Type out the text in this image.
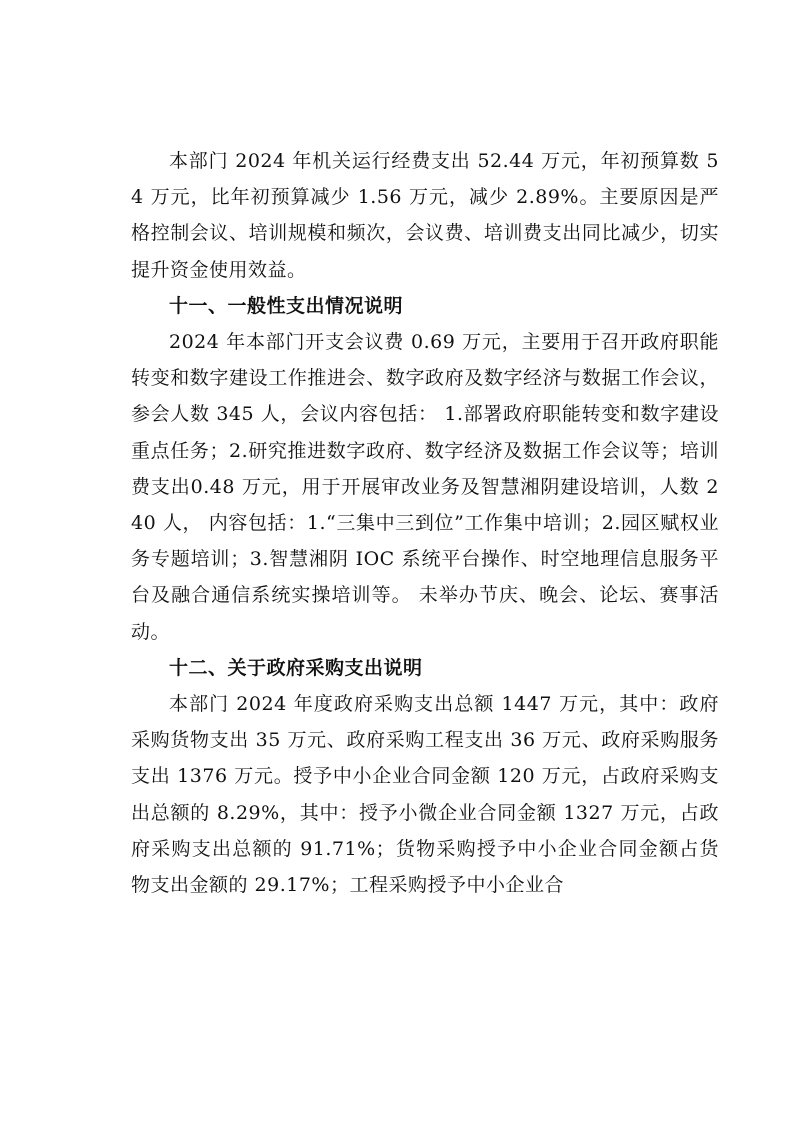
本部门 2024 年机关运行经费支出 52.44 万元，年初预算数 54 万元，比年初预算减少 1.56 万元，减少 2.89%。主要原因是严格控制会议、培训规模和频次，会议费、培训费支出同比减少，切实提升资金使用效益。

十一、一般性支出情况说明

2024 年本部门开支会议费 0.69 万元，主要用于召开政府职能转变和数字建设工作推进会、数字政府及数字经济与数据工作会议， 参会人数 345 人，会议内容包括： 1.部署政府职能转变和数字建设重点任务；2.研究推进数字政府、数字经济及数据工作会议等；培训费支出0.48 万元，用于开展审改业务及智慧湘阴建设培训，人数 240 人， 内容包括：1.“三集中三到位”工作集中培训；2.园区赋权业务专题培训；3.智慧湘阴 IOC 系统平台操作、时空地理信息服务平台及融合通信系统实操培训等。 未举办节庆、晚会、论坛、赛事活动。

十二、关于政府采购支出说明

本部门 2024 年度政府采购支出总额 1447 万元，其中：政府采购货物支出 35 万元、政府采购工程支出 36 万元、政府采购服务支出 1376 万元。授予中小企业合同金额 120 万元，占政府采购支出总额的 8.29%，其中：授予小微企业合同金额 1327 万元，占政府采购支出总额的 91.71%；货物采购授予中小企业合同金额占货物支出金额的 29.17%；工程采购授予中小企业合
